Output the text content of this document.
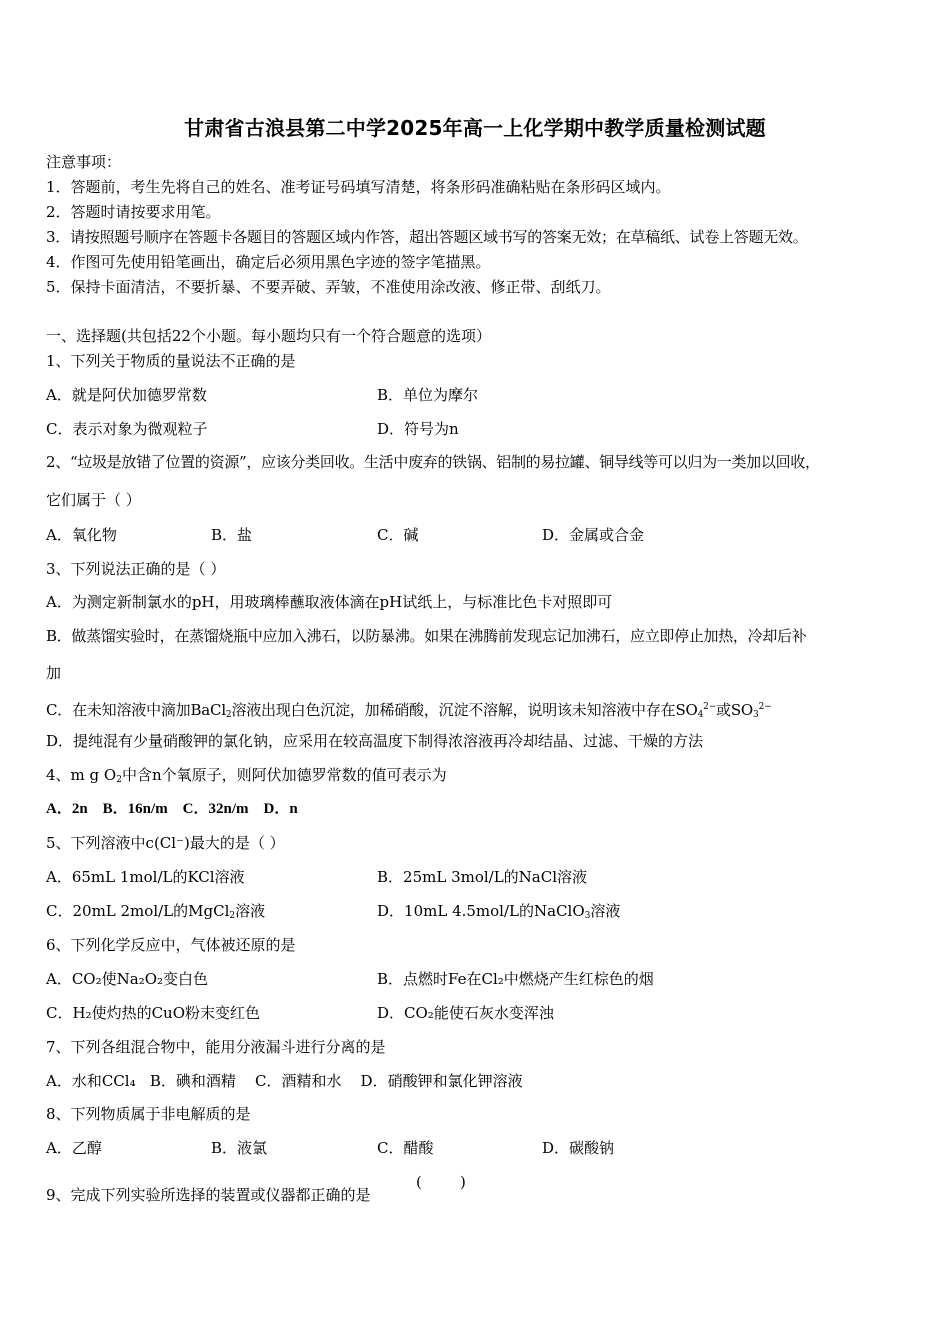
甘肃省古浪县第二中学2025年高一上化学期中教学质量检测试题
注意事项：
1．答题前，考生先将自己的姓名、准考证号码填写清楚，将条形码准确粘贴在条形码区域内。
2．答题时请按要求用笔。
3．请按照题号顺序在答题卡各题目的答题区域内作答，超出答题区域书写的答案无效；在草稿纸、试卷上答题无效。
4．作图可先使用铅笔画出，确定后必须用黑色字迹的签字笔描黑。
5．保持卡面清洁，不要折暴、不要弄破、弄皱，不准使用涂改液、修正带、刮纸刀。
一、选择题(共包括22个小题。每小题均只有一个符合题意的选项）
1、下列关于物质的量说法不正确的是
A．就是阿伏加德罗常数	B．单位为摩尔
C．表示对象为微观粒子	D．符号为n
2、“垃圾是放错了位置的资源”，应该分类回收。生活中废弃的铁锅、铝制的易拉罐、铜导线等可以归为一类加以回收，
它们属于（ ）
A．氧化物	B．盐	C．碱	D．金属或合金
3、下列说法正确的是（ ）
A．为测定新制氯水的pH，用玻璃棒蘸取液体滴在pH试纸上，与标准比色卡对照即可
B．做蒸馏实验时，在蒸馏烧瓶中应加入沸石，以防暴沸。如果在沸腾前发现忘记加沸石，应立即停止加热，冷却后补
加
C．在未知溶液中滴加BaCl$_2$溶液出现白色沉淀，加稀硝酸，沉淀不溶解，说明该未知溶液中存在$SO_4^{2-}$或$SO_3^{2-}$
D．提纯混有少量硝酸钾的氯化钠，应采用在较高温度下制得浓溶液再冷却结晶、过滤、干燥的方法
4、m g $O_2$中含n个氧原子，则阿伏加德罗常数的值可表示为
A．2n    B．16n/m    C．32n/m    D．n
5、下列溶液中c(Cl⁻)最大的是（ ）
A．65mL 1mol/L的KCl溶液	B．25mL 3mol/L的NaCl溶液
C．20mL 2mol/L的MgCl$_2$溶液	D．10mL 4.5mol/L的NaClO$_3$溶液
6、下列化学反应中，气体被还原的是
A．CO₂使Na₂O₂变白色	B．点燃时Fe在Cl₂中燃烧产生红棕色的烟
C．H₂使灼热的CuO粉末变红色	D．CO₂能使石灰水变浑浊
7、下列各组混合物中，能用分液漏斗进行分离的是
A．水和CCl₄   B．碘和酒精    C．酒精和水    D．硝酸钾和氯化钾溶液
8、下列物质属于非电解质的是
A．乙醇	B．液氯	C．醋酸	D．碳酸钠
9、完成下列实验所选择的装置或仪器都正确的是
(        )
